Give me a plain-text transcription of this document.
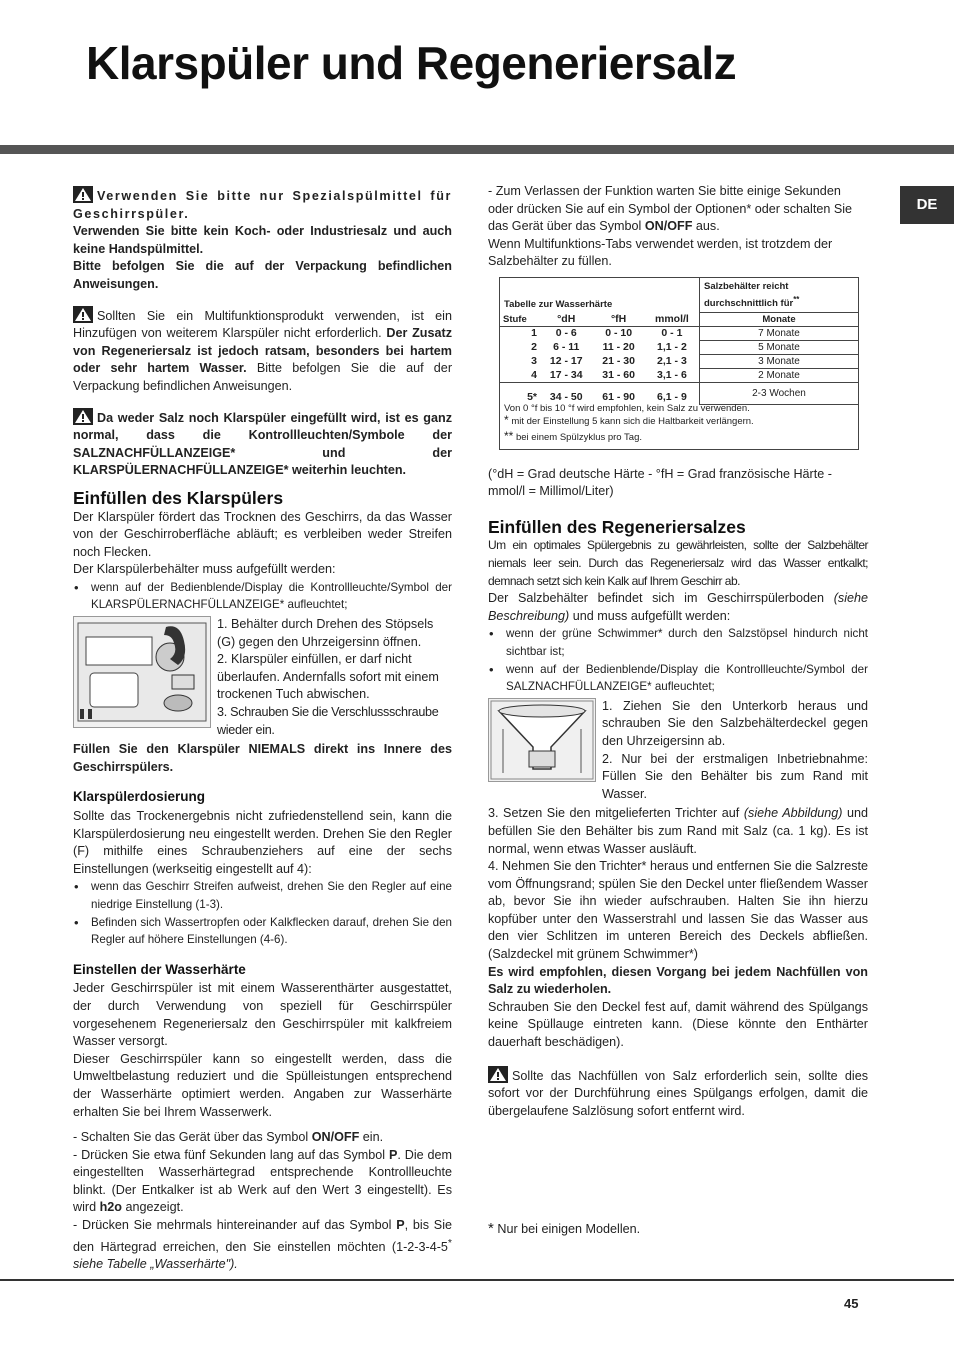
Klarspüler und Regeneriersalz
DE

Verwenden Sie bitte nur Spezialspülmittel für Geschirrspüler.
Verwenden Sie bitte kein Koch- oder Industriesalz und auch keine Handspülmittel.
Bitte befolgen Sie die auf der Verpackung befindlichen Anweisungen.

Sollten Sie ein Multifunktionsprodukt verwenden, ist ein Hinzufügen von weiterem Klarspüler nicht erforderlich. Der Zusatz von Regeneriersalz ist jedoch ratsam, besonders bei hartem oder sehr hartem Wasser. Bitte befolgen Sie die auf der Verpackung befindlichen Anweisungen.

Da weder Salz noch Klarspüler eingefüllt wird, ist es ganz normal, dass die Kontrollleuchten/Symbole der SALZNACHFÜLLANZEIGE* und der KLARSPÜLERNACHFÜLLANZEIGE* weiterhin leuchten.

Einfüllen des Klarspülers

Der Klarspüler fördert das Trocknen des Geschirrs, da das Wasser von der Geschirroberfläche abläuft; es verbleiben weder Streifen noch Flecken.

Der Klarspülerbehälter muss aufgefüllt werden:

• wenn auf der Bedienblende/Display die Kontrollleuchte/Symbol der KLARSPÜLERNACHFÜLLANZEIGE* aufleuchtet;

1. Behälter durch Drehen des Stöpsels (G) gegen den Uhrzeigersinn öffnen.

2. Klarspüler einfüllen, er darf nicht überlaufen. Andernfalls sofort mit einem trockenen Tuch abwischen.

3. Schrauben Sie die Verschlussschraube wieder ein.

Füllen Sie den Klarspüler NIEMALS direkt ins Innere des Geschirrspülers.

Klarspülerdosierung

Sollte das Trockenergebnis nicht zufriedenstellend sein, kann die Klarspülerdosierung neu eingestellt werden. Drehen Sie den Regler (F) mithilfe eines Schraubenziehers auf eine der sechs Einstellungen (werkseitig eingestellt auf 4):

• wenn das Geschirr Streifen aufweist, drehen Sie den Regler auf eine niedrige Einstellung (1-3).
• Befinden sich Wassertropfen oder Kalkflecken darauf, drehen Sie den Regler auf höhere Einstellungen (4-6).
Einstellen der Wasserhärte

Jeder Geschirrspüler ist mit einem Wasserenthärter ausgestattet, der durch Verwendung von speziell für Geschirrspüler vorgesehenem Regeneriersalz den Geschirrspüler mit kalkfreiem Wasser versorgt.

Dieser Geschirrspüler kann so eingestellt werden, dass die Umweltbelastung reduziert und die Spülleistungen entsprechend der Wasserhärte optimiert werden. Angaben zur Wasserhärte erhalten Sie bei Ihrem Wasserwerk.

- Schalten Sie das Gerät über das Symbol ON/OFF ein.

- Drücken Sie etwa fünf Sekunden lang auf das Symbol P. Die dem eingestellten Wasserhärtegrad entsprechende Kontrollleuchte blinkt. (Der Entkalker ist ab Werk auf den Wert 3 eingestellt). Es wird h2o angezeigt.

- Drücken Sie mehrmals hintereinander auf das Symbol P, bis Sie den Härtegrad erreichen, den Sie einstellen möchten (1-2-3-4-5* siehe Tabelle „Wasserhärte").

- Zum Verlassen der Funktion warten Sie bitte einige Sekunden oder drücken Sie auf ein Symbol der Optionen* oder schalten Sie das Gerät über das Symbol ON/OFF aus.

Wenn Multifunktions-Tabs verwendet werden, ist trotzdem der Salzbehälter zu füllen.

Tabelle zur Wasserhärte				Salzbehälter reicht durchschnittlich für**
Stufe	°dH	°fH	mmol/l	Monate
1	0 - 6	0 - 10	0 - 1	7 Monate
2	6 - 11	11 - 20	1,1 - 2	5 Monate
3	12 - 17	21 - 30	2,1 - 3	3 Monate
4	17 - 34	31 - 60	3,1 - 6	2 Monate
5*	34 - 50	61 - 90	6,1 - 9	2-3 Wochen

Von 0 °f bis 10 °f wird empfohlen, kein Salz zu verwenden.
* mit der Einstellung 5 kann sich die Haltbarkeit verlängern.
** bei einem Spülzyklus pro Tag.				

(°dH = Grad deutsche Härte - °fH = Grad französische Härte - mmol/l = Millimol/Liter)

Einfüllen des Regeneriersalzes

Um ein optimales Spülergebnis zu gewährleisten, sollte der Salzbehälter niemals leer sein. Durch das Regeneriersalz wird das Wasser entkalkt; demnach setzt sich kein Kalk auf Ihrem Geschirr ab.

Der Salzbehälter befindet sich im Geschirrspülerboden (siehe Beschreibung) und muss aufgefüllt werden:

• wenn der grüne Schwimmer* durch den Salzstöpsel hindurch nicht sichtbar ist;
• wenn auf der Bedienblende/Display die Kontrollleuchte/Symbol der SALZNACHFÜLLANZEIGE* aufleuchtet;

1. Ziehen Sie den Unterkorb heraus und schrauben Sie den Salzbehälterdeckel gegen den Uhrzeigersinn ab.

2. Nur bei der erstmaligen Inbetriebnahme: Füllen Sie den Behälter bis zum Rand mit Wasser.

3. Setzen Sie den mitgelieferten Trichter auf (siehe Abbildung) und befüllen Sie den Behälter bis zum Rand mit Salz (ca. 1 kg). Es ist normal, wenn etwas Wasser ausläuft.

4. Nehmen Sie den Trichter* heraus und entfernen Sie die Salzreste vom Öffnungsrand; spülen Sie den Deckel unter fließendem Wasser ab, bevor Sie ihn wieder aufschrauben. Halten Sie ihn hierzu kopfüber unter den Wasserstrahl und lassen Sie das Wasser aus den vier Schlitzen im unteren Bereich des Deckels abfließen. (Salzdeckel mit grünem Schwimmer*)

Es wird empfohlen, diesen Vorgang bei jedem Nachfüllen von Salz zu wiederholen.

Schrauben Sie den Deckel fest auf, damit während des Spülgangs keine Spüllauge eintreten kann. (Diese könnte den Enthärter dauerhaft beschädigen).

Sollte das Nachfüllen von Salz erforderlich sein, sollte dies sofort vor der Durchführung eines Spülgangs erfolgen, damit die übergelaufene Salzlösung sofort entfernt wird.

* Nur bei einigen Modellen.
45
